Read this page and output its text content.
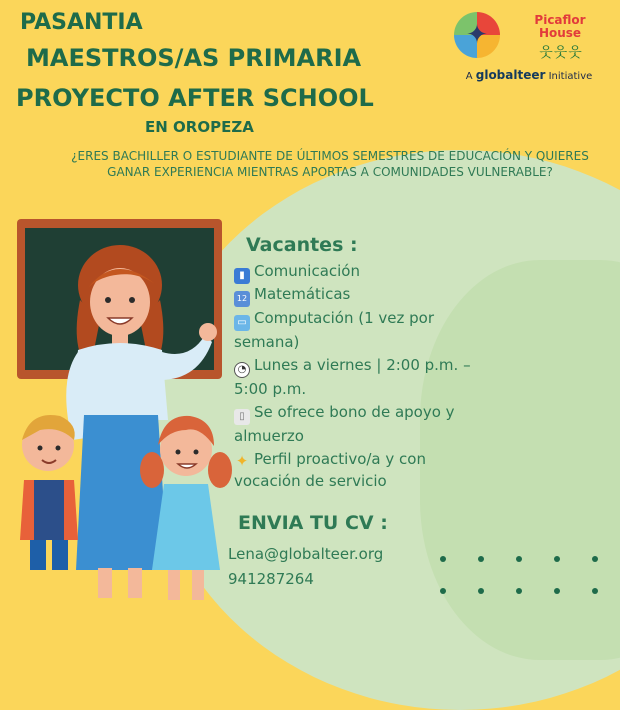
PASANTIA
MAESTROS/AS PRIMARIA
PROYECTO AFTER SCHOOL
EN OROPEZA

¿ERES BACHILLER O ESTUDIANTE DE ÚLTIMOS SEMESTRES DE EDUCACIÓN Y QUIERES GANAR EXPERIENCIA MIENTRAS APORTAS A COMUNIDADES VULNERABLE?

✦	Picaflor
House
웃웃웃
A globalteer Initiative
Vacantes :

▮ Comunicación

12 Matemáticas

▭ Computación (1 vez por
semana)

◔ Lunes a viernes | 2:00 p.m. –
5:00 p.m.

▯ Se ofrece bono de apoyo y
almuerzo

✦ Perfil proactivo/a y con
vocación de servicio

ENVIA TU CV :

Lena@globalteer.org

941287264
